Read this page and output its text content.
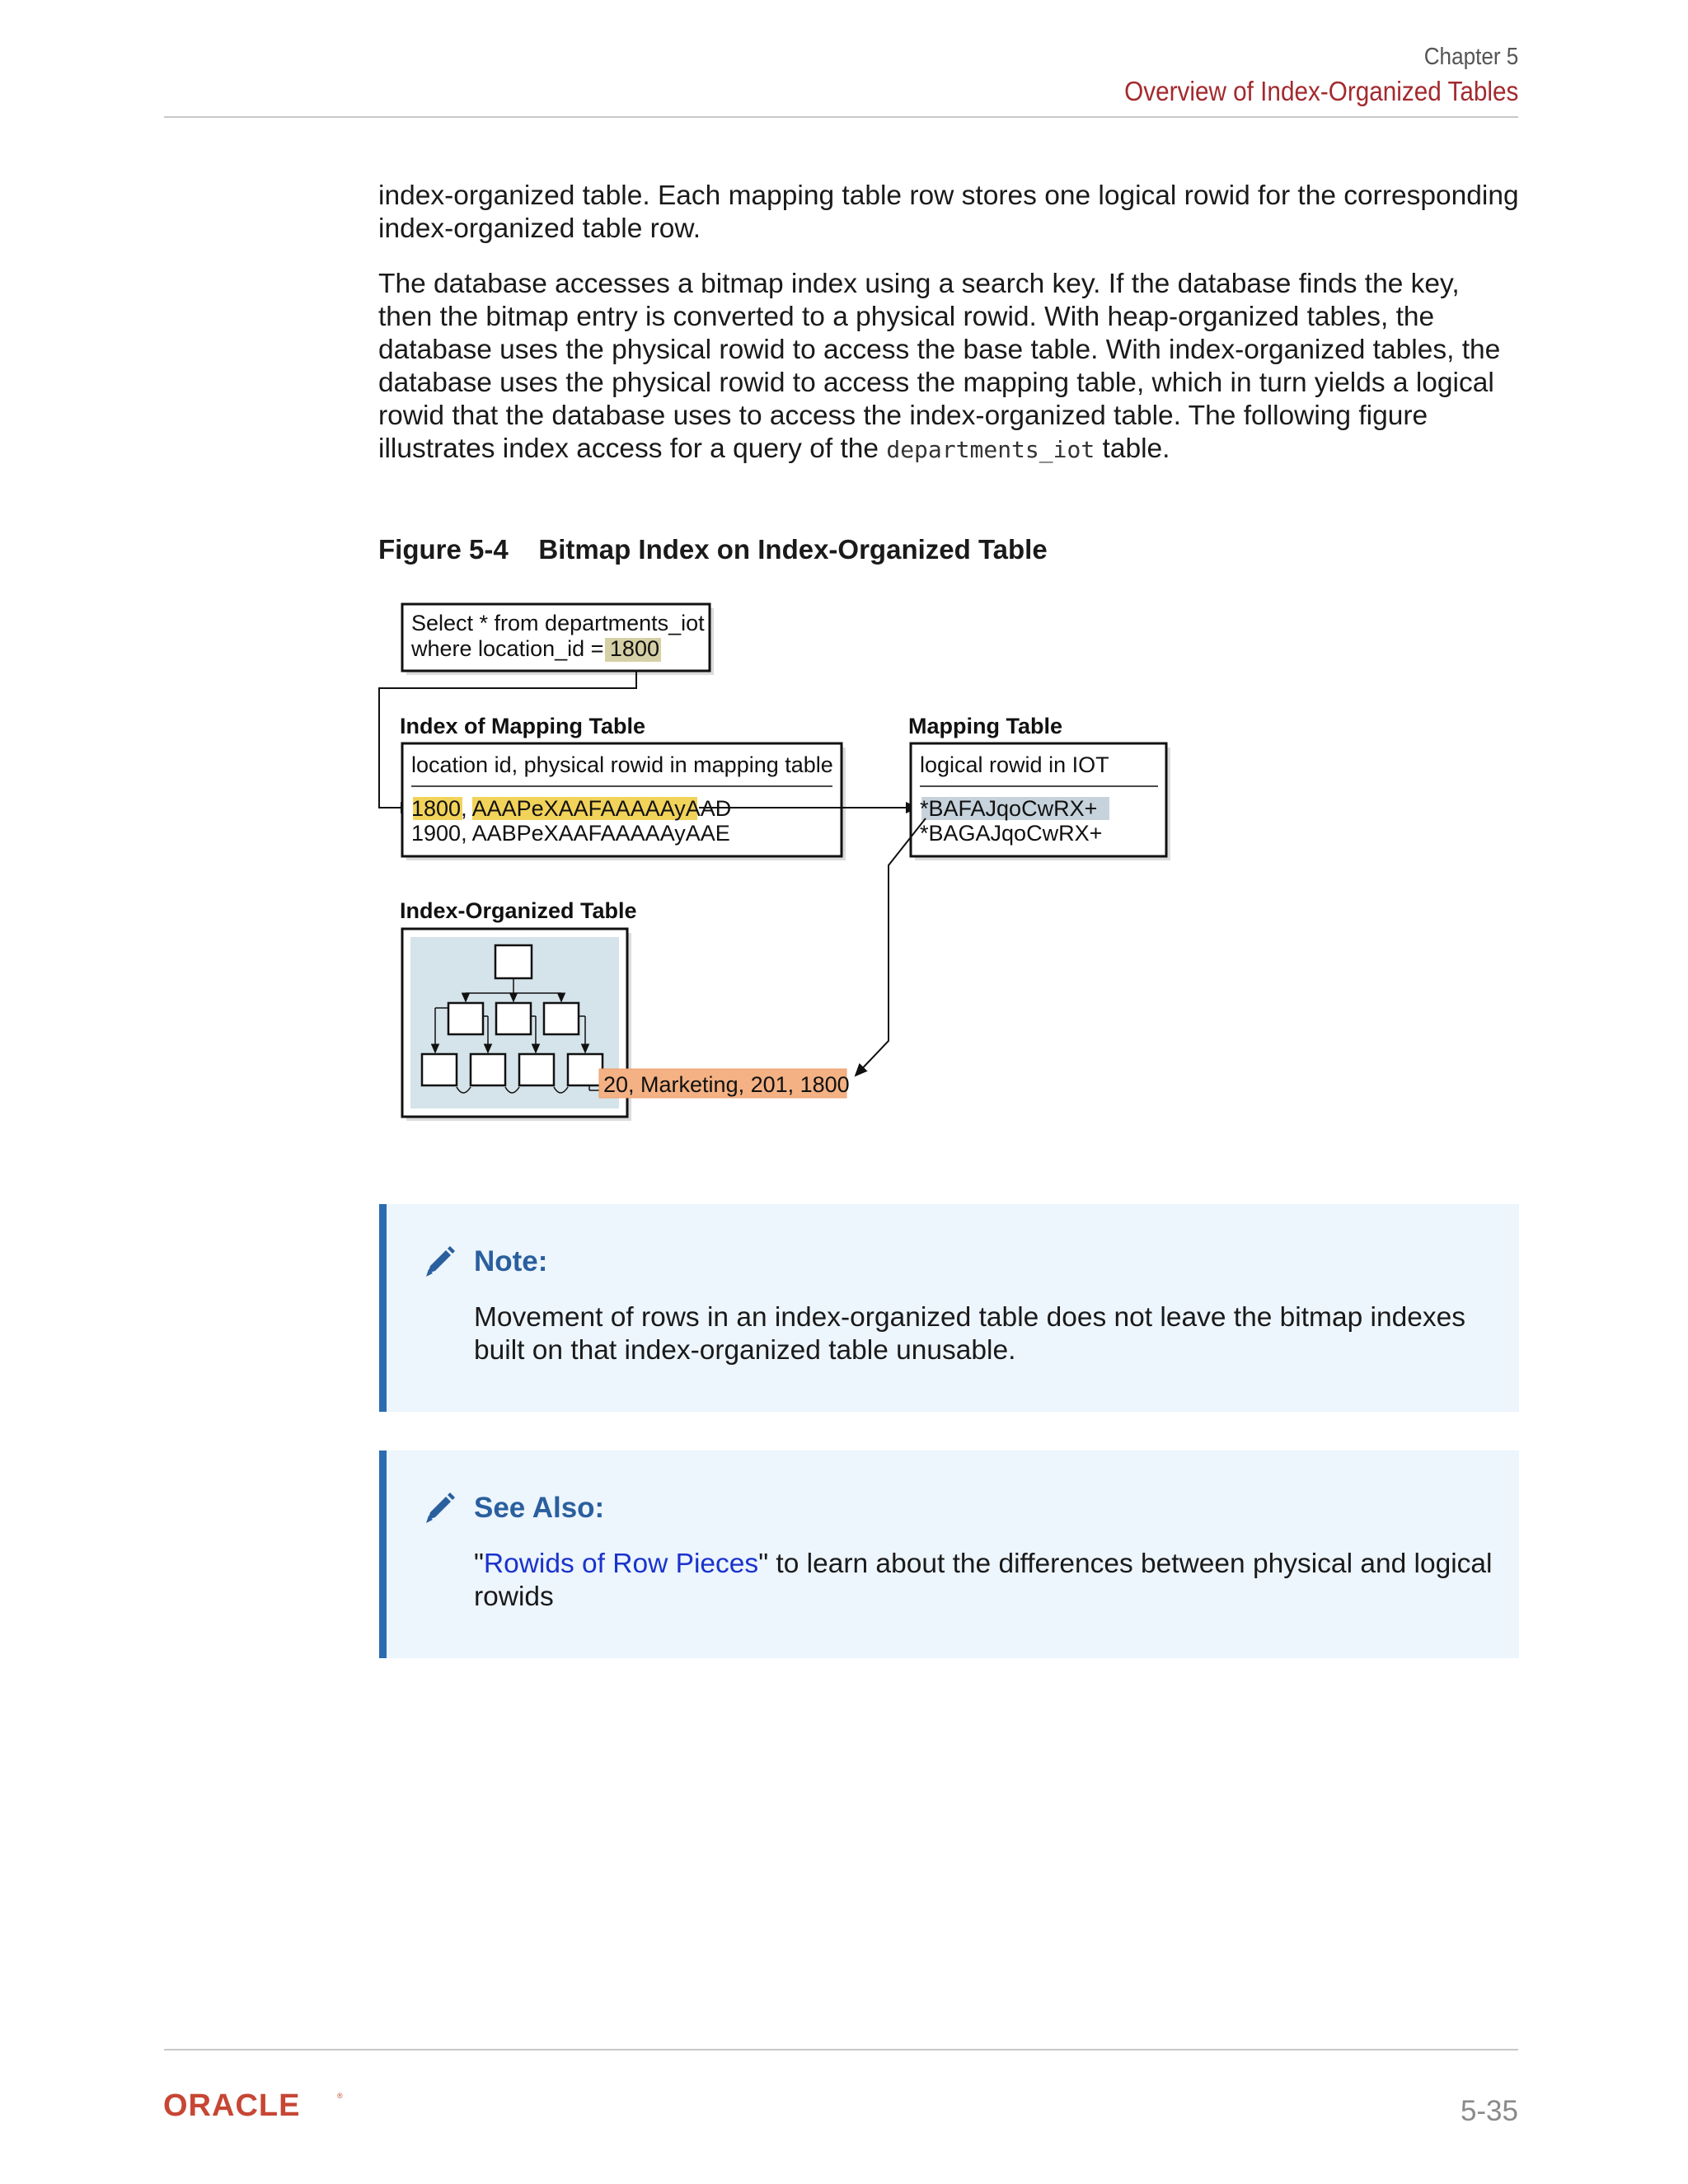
Chapter 5
Overview of Index-Organized Tables

index-organized table. Each mapping table row stores one logical rowid for the corresponding index-organized table row.

The database accesses a bitmap index using a search key. If the database finds the key, then the bitmap entry is converted to a physical rowid. With heap-organized tables, the database uses the physical rowid to access the base table. With index-organized tables, the database uses the physical rowid to access the mapping table, which in turn yields a logical rowid that the database uses to access the index-organized table. The following figure illustrates index access for a query of the departments_iot table.

Figure 5-4 Bitmap Index on Index-Organized Table
Select * from departments_iot
where location_id = 1800
Index of Mapping Table
location id, physical rowid in mapping table
1800, AAAPeXAAFAAAAAyAAD
1900, AABPeXAAFAAAAAyAAE
Mapping Table
logical rowid in IOT
*BAFAJqoCwRX+
*BAGAJqoCwRX+
Index-Organized Table
20, Marketing, 201, 1800
Note:
Movement of rows in an index-organized table does not leave the bitmap indexes built on that index-organized table unusable.
See Also:
"Rowids of Row Pieces" to learn about the differences between physical and logical rowids
ORACLE	®	5-35
